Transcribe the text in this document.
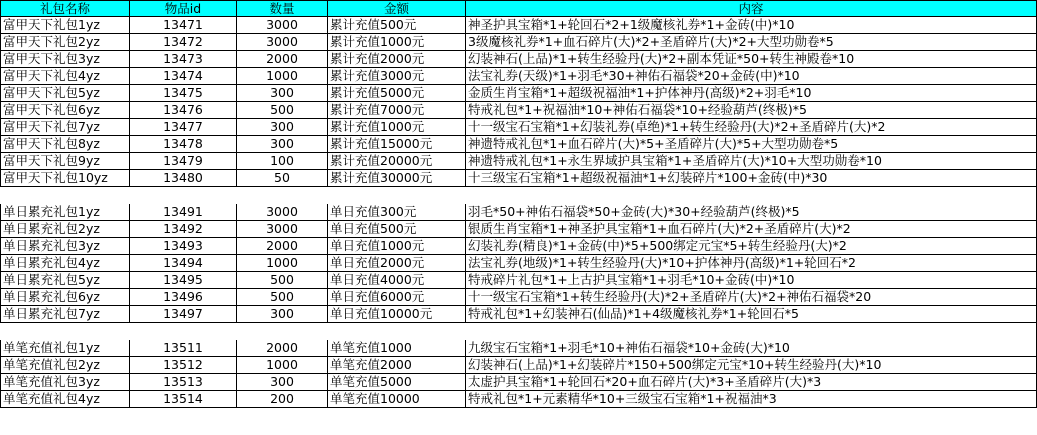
礼包名称	物品id	数量	金额	内容
富甲天下礼包1yz	13471	3000	累计充值500元	神圣护具宝箱*1+轮回石*2+1级魔核礼券*1+金砖(中)*10
富甲天下礼包2yz	13472	3000	累计充值1000元	3级魔核礼券*1+血石碎片(大)*2+圣盾碎片(大)*2+大型功勋卷*5
富甲天下礼包3yz	13473	2000	累计充值2000元	幻装神石(上品)*1+转生经验丹(大)*2+副本凭证*50+转生神殿卷*10
富甲天下礼包4yz	13474	1000	累计充值3000元	法宝礼券(天级)*1+羽毛*30+神佑石福袋*20+金砖(中)*10
富甲天下礼包5yz	13475	300	累计充值5000元	金质生肖宝箱*1+超级祝福油*1+护体神丹(高级)*2+羽毛*10
富甲天下礼包6yz	13476	500	累计充值7000元	特戒礼包*1+祝福油*10+神佑石福袋*10+经验葫芦(终极)*5
富甲天下礼包7yz	13477	300	累计充值1000元	十一级宝石宝箱*1+幻装礼券(卓绝)*1+转生经验丹(大)*2+圣盾碎片(大)*2
富甲天下礼包8yz	13478	300	累计充值15000元	神遗特戒礼包*1+血石碎片(大)*5+圣盾碎片(大)*5+大型功勋卷*5
富甲天下礼包9yz	13479	100	累计充值20000元	神遗特戒礼包*1+永生界域护具宝箱*1+圣盾碎片(大)*10+大型功勋卷*10
富甲天下礼包10yz	13480	50	累计充值30000元	十三级宝石宝箱*1+超级祝福油*1+幻装碎片*100+金砖(中)*30
单日累充礼包1yz	13491	3000	单日充值300元	羽毛*50+神佑石福袋*50+金砖(大)*30+经验葫芦(终极)*5
单日累充礼包2yz	13492	3000	单日充值500元	银质生肖宝箱*1+神圣护具宝箱*1+血石碎片(大)*2+圣盾碎片(大)*2
单日累充礼包3yz	13493	2000	单日充值1000元	幻装礼券(精良)*1+金砖(中)*5+500绑定元宝*5+转生经验丹(大)*2
单日累充礼包4yz	13494	1000	单日充值2000元	法宝礼券(地级)*1+转生经验丹(大)*10+护体神丹(高级)*1+轮回石*2
单日累充礼包5yz	13495	500	单日充值4000元	特戒碎片礼包*1+上古护具宝箱*1+羽毛*10+金砖(中)*10
单日累充礼包6yz	13496	500	单日充值6000元	十一级宝石宝箱*1+转生经验丹(大)*2+圣盾碎片(大)*2+神佑石福袋*20
单日累充礼包7yz	13497	300	单日充值10000元	特戒礼包*1+幻装神石(仙品)*1+4级魔核礼券*1+轮回石*5
单笔充值礼包1yz	13511	2000	单笔充值1000	九级宝石宝箱*1+羽毛*10+神佑石福袋*10+金砖(大)*10
单笔充值礼包2yz	13512	1000	单笔充值2000	幻装神石(上品)*1+幻装碎片*150+500绑定元宝*10+转生经验丹(大)*10
单笔充值礼包3yz	13513	300	单笔充值5000	太虚护具宝箱*1+轮回石*20+血石碎片(大)*3+圣盾碎片(大)*3
单笔充值礼包4yz	13514	200	单笔充值10000	特戒礼包*1+元素精华*10+三级宝石宝箱*1+祝福油*3
